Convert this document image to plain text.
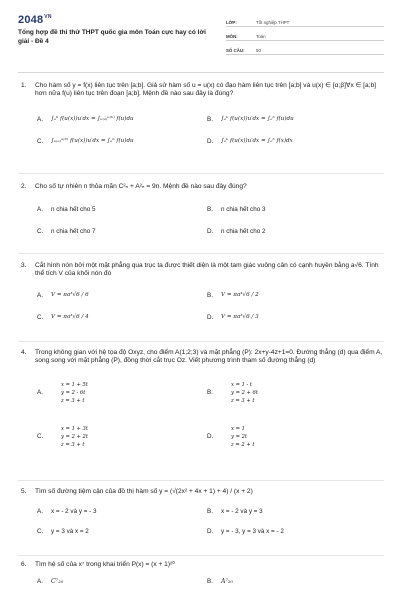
$2048^{VN}$
Tổng hợp đề thi thử THPT quốc gia môn Toán cực hay có lời giải - Đề 4
LỚP:	Tốt nghiệp THPT
MÔN:	Toán
SỐ CÂU:	50
1. Cho hàm số y = f(x) liên tục trên [a;b]. Giả sử hàm số u = u(x) có đạo hàm liên tục trên [a;b] và u(x) ∈ [α;β]∀x ∈ [a;b] hơn nữa f(u) liên tục trên đoạn [a;b]. Mệnh đề nào sau đây là đúng?
A.	∫ₐᵇ f(u(x))u′dx = ∫ᵤ₍ₐ₎ᵘ⁽ᵇ⁾ f(u)du	B.	∫ₐᵇ f(u(x))u′dx = ∫ₐᵇ f(u)du
C.	∫ᵤ₍ₐ₎ᵘ⁽ᵇ⁾ f(u(x))u′dx = ∫ₐᵇ f(u)du	D.	∫ₐᵇ f(u(x))u′dx = ∫ₐᵇ f(x)dx
2. Cho số tự nhiên n thỏa mãn C²ₙ + A²ₙ = 9n. Mệnh đề nào sau đây đúng?
A.	n chia hết cho 5	B.	n chia hết cho 3
C.	n chia hết cho 7	D.	n chia hết cho 2
3. Cắt hình nón bởi một mặt phẳng qua trục ta được thiết diện là một tam giác vuông cân có cạnh huyền bằng a√6. Tính thể tích V của khối nón đó
A.	V = πa³√6 / 6	B.	V = πa³√6 / 2
C.	V = πa³√6 / 4	D.	V = πa³√6 / 3
4. Trong không gian với hệ tọa độ Oxyz, cho điểm A(1;2;3) và mặt phẳng (P): 2x+y-4z+1=0. Đường thẳng (d) qua điểm A, song song với mặt phẳng (P), đồng thời cắt trục Oz. Viết phương trình tham số đường thẳng (d)
A.
x = 1 + 5t
y = 2 - 6t
z = 3 + t
B.
x = 1 - t
y = 2 + 6t
z = 3 + t
C.
x = 1 + 3t
y = 2 + 2t
z = 3 + t
D.
x = 1
y = 2t
z = 2 + t
5. Tìm số đường tiệm cận của đồ thị hàm số y = (√(2x² + 4x + 1) + 4) / (x + 2)
A.	x = - 2 và y = - 3	B.	x = - 2 và y = 3
C.	y = 3 và x = 2	D.	y = - 3, y = 3 và x = - 2
6. Tìm hệ số của x⁷ trong khai triển P(x) = (x + 1)²⁰
A.	C⁷₂₀	B.	A⁷₂₀
